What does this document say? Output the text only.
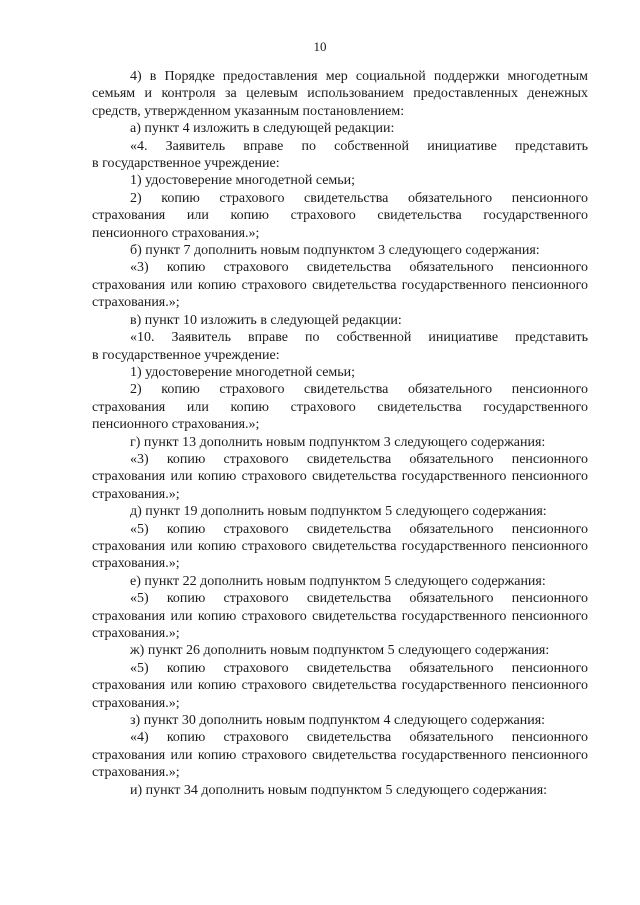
10
4) в Порядке предоставления мер социальной поддержки многодетным
семьям и контроля за целевым использованием предоставленных денежных
средств, утвержденном указанным постановлением:
а) пункт 4 изложить в следующей редакции:
«4. Заявитель вправе по собственной инициативе представить
в государственное учреждение:
1) удостоверение многодетной семьи;
2) копию страхового свидетельства обязательного пенсионного
страхования или копию страхового свидетельства государственного
пенсионного страхования.»;
б) пункт 7 дополнить новым подпунктом 3 следующего содержания:
«3) копию страхового свидетельства обязательного пенсионного
страхования или копию страхового свидетельства государственного пенсионного
страхования.»;
в) пункт 10 изложить в следующей редакции:
«10. Заявитель вправе по собственной инициативе представить
в государственное учреждение:
1) удостоверение многодетной семьи;
2) копию страхового свидетельства обязательного пенсионного
страхования или копию страхового свидетельства государственного
пенсионного страхования.»;
г) пункт 13 дополнить новым подпунктом 3 следующего содержания:
«3) копию страхового свидетельства обязательного пенсионного
страхования или копию страхового свидетельства государственного пенсионного
страхования.»;
д) пункт 19 дополнить новым подпунктом 5 следующего содержания:
«5) копию страхового свидетельства обязательного пенсионного
страхования или копию страхового свидетельства государственного пенсионного
страхования.»;
е) пункт 22 дополнить новым подпунктом 5 следующего содержания:
«5) копию страхового свидетельства обязательного пенсионного
страхования или копию страхового свидетельства государственного пенсионного
страхования.»;
ж) пункт 26 дополнить новым подпунктом 5 следующего содержания:
«5) копию страхового свидетельства обязательного пенсионного
страхования или копию страхового свидетельства государственного пенсионного
страхования.»;
з) пункт 30 дополнить новым подпунктом 4 следующего содержания:
«4) копию страхового свидетельства обязательного пенсионного
страхования или копию страхового свидетельства государственного пенсионного
страхования.»;
и) пункт 34 дополнить новым подпунктом 5 следующего содержания:
